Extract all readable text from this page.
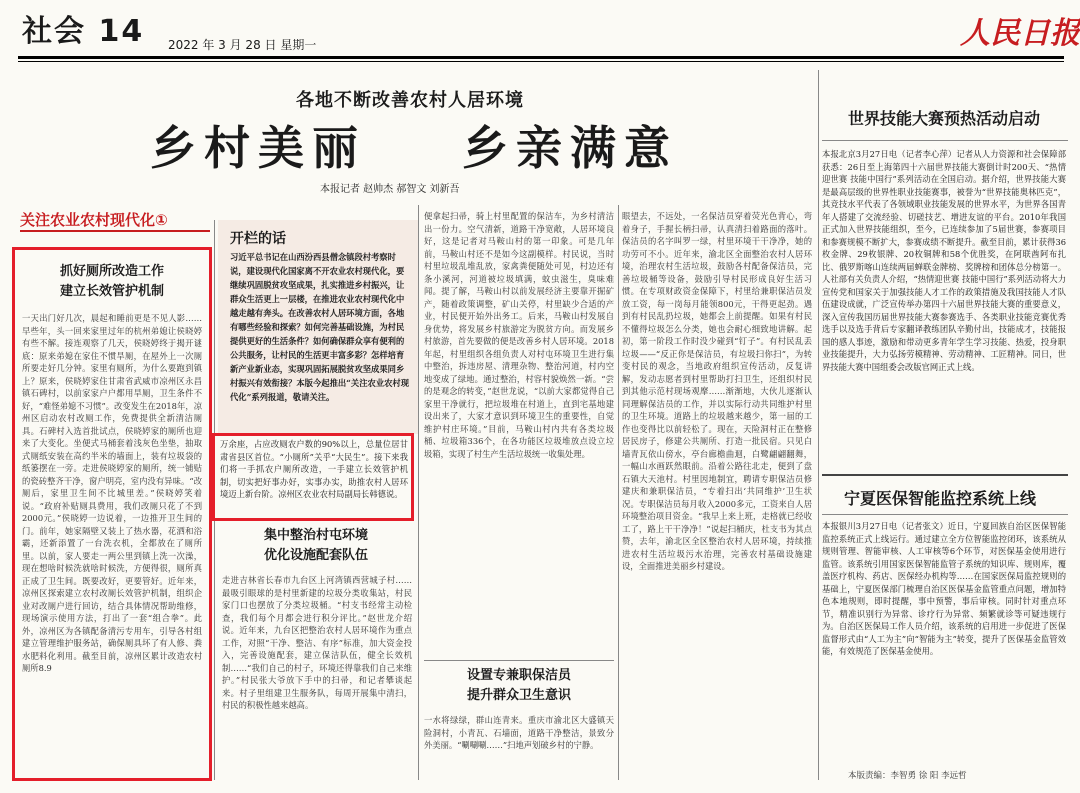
社会 14 2022 年 3 月 28 日 星期一	人民日报
各地不断改善农村人居环境
乡村美丽    乡亲满意
本报记者 赵帅杰 郝智文 刘新吾
关注农业农村现代化①
抓好厕所改造工作
建立长效管护机制
一天出门好几次，晨起和睡前更是不见人影……早些年，头一回来家里过年的杭州弟媳让侯晓婷有些不解。接连观察了几天，侯晓婷终于揭开谜底：原来弟媳在家住不惯旱厕，在屋外上一次厕所要走好几分钟。家里有厕所，为什么要跑到镇上？原来，侯晓婷家住甘肃省武威市凉州区永昌镇石碑村，以前家家户户都用旱厕，卫生条件不好，“难怪弟媳不习惯”。改变发生在2018年，凉州区启动农村改厕工作，免费提供全新清洁厕具。石碑村入选首批试点，侯晓婷家的厕所也迎来了大变化。坐便式马桶套着浅灰色坐垫，抽取式厕纸安装在高约半米的墙面上，装有垃圾袋的纸篓摆在一旁。走进侯晓婷家的厕所，统一铺贴的瓷砖整齐干净，窗户明亮，室内没有异味。“改厕后，家里卫生间不比城里差。”侯晓婷笑着说。“政府补贴厕具费用，我们改厕只花了不到2000元。”侯晓婷一边说着，一边推开卫生间的门。前年，她家隔壁又装上了热水器，花洒和浴霸，还新添置了一台洗衣机，全都放在了厕所里。以前，家人要走一两公里到镇上洗一次澡，现在想啥时候洗就啥时候洗，方便得很，厕所真正成了卫生间。既要改好，更要管好。近年来，凉州区探索建立农村改厕长效管护机制，组织企业对改厕户进行回访，结合具体情况帮助维修，现场演示使用方法，打出了一套“组合拳”。此外，凉州区为各镇配备清污专用车，引导各村组建立管理维护服务站，确保厕具坏了有人修、粪水肥料化利用。截至目前，凉州区累计改造农村厕所8.9
开栏的话
习近平总书记在山西汾西县僧念镇段村考察时说，建设现代化国家离不开农业农村现代化，要继续巩固脱贫攻坚成果，扎实推进乡村振兴，让群众生活更上一层楼，在推进农业农村现代化中越走越有奔头。在改善农村人居环境方面，各地有哪些经验和探索？如何完善基础设施，为村民提供更好的生活条件？如何确保群众享有便利的公共服务，让村民的生活更丰富多彩？怎样培育新产业新业态，实现巩固拓展脱贫攻坚成果同乡村振兴有效衔接？本版今起推出“关注农业农村现代化”系列报道，敬请关注。
万余座，占应改厕农户数的90%以上，总量位居甘肃省县区首位。“小厕所”关乎“大民生”。接下来我们将一手抓农户厕所改造，一手建立长效管护机制，切实把好事办好，实事办实，助推农村人居环境迈上新台阶。凉州区农业农村局副局长韩德说。
集中整治村屯环境
优化设施配套队伍
走进吉林省长春市九台区上河湾镇西营城子村……最吸引眼球的是村里新建的垃圾分类收集站，村民家门口也摆放了分类垃圾桶。“村支书经常主动检查，我们每个月都会进行积分评比。”赵世龙介绍说。近年来，九台区把整治农村人居环境作为重点工作，对照“干净、整洁、有序”标准，加大资金投入，完善设施配套，建立保洁队伍，健全长效机制……“我们自己的村子，环境还得靠我们自己来维护。”村民张大爷放下手中的扫帚，和记者攀谈起来。村子里组建卫生服务队，每周开展集中清扫，村民的积极性越来越高。
便拿起扫帚，骑上村里配置的保洁车，为乡村清洁出一份力。空气清新，道路干净宽敞，人居环境良好，这是记者对马鞍山村的第一印象。可是几年前，马鞍山村还不是如今这副模样。村民说，当时村里垃圾乱堆乱放，家禽粪便随处可见，村边还有条小溪河，河道被垃圾填满，蚊虫滋生，臭味难闻。提了解，马鞍山村以前发展经济主要靠开掘矿产，随着政策调整，矿山关停，村里缺少合适的产业，村民便开始外出务工。后来，马鞍山村发展自身优势，将发展乡村旅游定为脱贫方向。而发展乡村旅游，首先要做的便是改善乡村人居环境。2018年起，村里组织各组负责人对村屯环境卫生进行集中整治，拆违房屋、清理杂物、整治河道，村内空地变成了绿地。通过整治，村容村貌焕然一新。“尝的是观念的转变，”赵世龙说，“以前大家都觉得自己家里干净就行，把垃圾堆在村道上，直到宅基地建设出来了，大家才意识到环境卫生的重要性，自觉维护村庄环境。”目前，马鞍山村内共有各类垃圾桶、垃圾箱336个，在各功能区垃圾堆放点设立垃圾箱，实现了村生产生活垃圾统一收集处理。
设置专兼职保洁员
提升群众卫生意识
一水将绿绿，群山连青来。重庆市渝北区大盛镇天险洞村，小青瓦、石墙面，道路干净整洁，景致分外美丽。“唰唰唰……”扫地声划破乡村的宁静。
眼望去，不远处，一名保洁员穿着荧光色背心，弯着身子，手握长柄扫帚，认真清扫着路面的落叶。保洁员的名字叫罗一绿，村里环境干干净净，她的功劳可不小。近年来，渝北区全面整治农村人居环境，治理农村生活垃圾，鼓励各村配备保洁员，完善垃圾桶等设备，鼓励引导村民形成良好生活习惯。在专项财政资金保障下，村里给兼职保洁员发放工资，每一岗每月能领800元，干得更起劲。遇到有村民乱扔垃圾，她都会上前提醒。如果有村民不懂得垃圾怎么分类，她也会耐心细致地讲解。起初，第一阶段工作时没少碰到“钉子”。有村民乱丢垃圾——“反正你是保洁员，有垃圾扫你扫”，为转变村民的观念，当地政府组织宣传活动，反复讲解，发动志愿者到村里帮助打扫卫生，还组织村民到其他示范村现场观摩……渐渐地，大伙儿逐渐认同理解保洁员的工作，并以实际行动共同维护村里的卫生环境。道路上的垃圾越来越少，第一届的工作也变得比以前轻松了。现在，天险洞村正在整修居民房子，修建公共厕所、打造一批民宿。只见白墙青瓦依山傍水，亭台廊檐曲迴，白鹭翩翩翻舞，一幅山水画跃然眼前。沿着公路往北走，便到了盘石镇大天池村。村里因地制宜，聘请专职保洁员修建庆和兼职保洁员，“专着扫出‘共同维护’卫生状况。专职保洁员每月收入2000多元，工资来自人居环境整治项目资金。“我早上来上班，走格就已经收工了，路上干干净净！”说起扫桶庆，杜支书为其点赞，去年，渝北区全区整治农村人居环境，持续推进农村生活垃圾污水治理，完善农村基础设施建设，全面推进美丽乡村建设。
世界技能大赛预热活动启动
本报北京3月27日电（记者李心萍）记者从人力资源和社会保障部获悉：26日至上海第四十六届世界技能大赛倒计时200天、“热情迎世赛 技能中国行”系列活动在全国启动。据介绍，世界技能大赛是最高层级的世界性职业技能赛事，被誉为“世界技能奥林匹克”，其竞技水平代表了各领域职业技能发展的世界水平，为世界各国青年人搭建了交流经验、切磋技艺、增进友谊的平台。2010年我国正式加入世界技能组织，至今，已连续参加了5届世赛，参赛项目和参赛规模不断扩大，参赛成绩不断提升。截至目前，累计获得36枚金牌、29枚银牌、20枚铜牌和58个优胜奖，在阿联酋阿布扎比、俄罗斯喀山连续两届蝉联金牌榜、奖牌榜和团体总分榜第一。人社部有关负责人介绍，“热情迎世赛 技能中国行”系列活动将大力宣传党和国家关于加强技能人才工作的政策措施及我国技能人才队伍建设成就，广泛宣传举办第四十六届世界技能大赛的重要意义，深入宣传我国历届世界技能大赛参赛选手、各类职业技能竞赛优秀选手以及选手背后专家翻译教练团队辛勤付出，技能成才，技能报国的感人事迹，激励和带动更多青年学生学习技能、热爱，投身职业技能提升，大力弘扬劳模精神、劳动精神、工匠精神。同日，世界技能大赛中国组委会改版官网正式上线。
宁夏医保智能监控系统上线
本报银川3月27日电（记者张文）近日，宁夏回族自治区医保智能监控系统正式上线运行。通过建立全方位智能监控闭环，该系统从规则管理、智能审核、人工审核等6个环节，对医保基金使用进行监管。该系统引用国家医保智能监管子系统的知识库、规则库，覆盖医疗机构、药店、医保经办机构等……在国家医保局监控规则的基础上，宁夏医保部门梳理自治区医保基金监管重点问题，增加特色本地规则，即时提醒，事中预警，事后审核。同时针对重点环节，精准识别行为异常、诊疗行为异常、频繁就诊等可疑违规行为。自治区医保局工作人员介绍，该系统的启用进一步促进了医保监督形式由“人工为主”向“智能为主”转变，提升了医保基金监管效能，有效规范了医保基金使用。
本版责编：李智勇 徐 阳 李远哲
